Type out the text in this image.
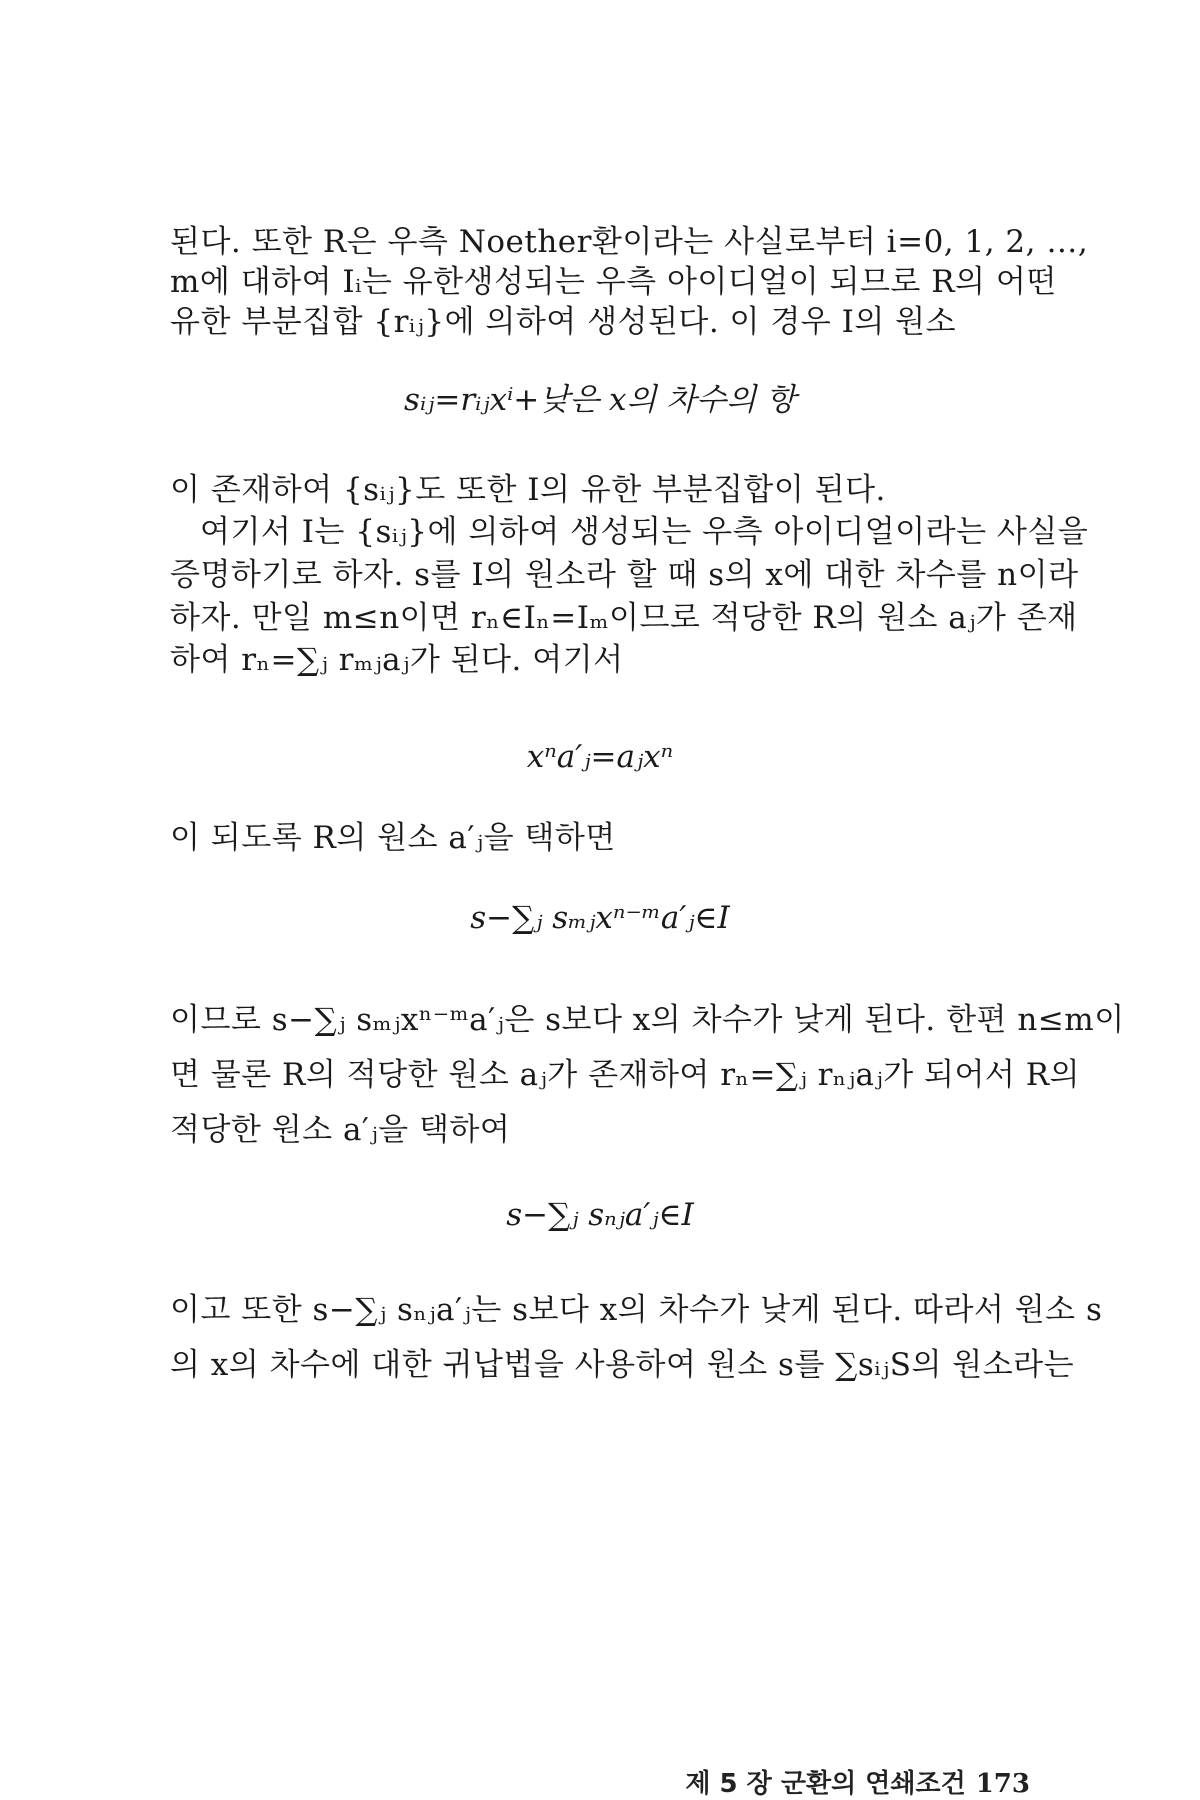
된다. 또한 R은 우측 Noether환이라는 사실로부터 i=0, 1, 2, …,
m에 대하여 Iᵢ는 유한생성되는 우측 아이디얼이 되므로 R의 어떤
유한 부분집합 {rᵢⱼ}에 의하여 생성된다. 이 경우 I의 원소
sᵢⱼ=rᵢⱼxⁱ+낮은 x의 차수의 항
이 존재하여 {sᵢⱼ}도 또한 I의 유한 부분집합이 된다.
여기서 I는 {sᵢⱼ}에 의하여 생성되는 우측 아이디얼이라는 사실을
증명하기로 하자. s를 I의 원소라 할 때 s의 x에 대한 차수를 n이라
하자. 만일 m≤n이면 rₙ∈Iₙ=Iₘ이므로 적당한 R의 원소 aⱼ가 존재
하여 rₙ=∑ⱼ rₘⱼaⱼ가 된다. 여기서
xⁿa′ⱼ=aⱼxⁿ
이 되도록 R의 원소 a′ⱼ을 택하면
s−∑ⱼ sₘⱼxⁿ⁻ᵐa′ⱼ∈I
이므로 s−∑ⱼ sₘⱼxⁿ⁻ᵐa′ⱼ은 s보다 x의 차수가 낮게 된다. 한편 n≤m이
면 물론 R의 적당한 원소 aⱼ가 존재하여 rₙ=∑ⱼ rₙⱼaⱼ가 되어서 R의
적당한 원소 a′ⱼ을 택하여
s−∑ⱼ sₙⱼa′ⱼ∈I
이고 또한 s−∑ⱼ sₙⱼa′ⱼ는 s보다 x의 차수가 낮게 된다. 따라서 원소 s
의 x의 차수에 대한 귀납법을 사용하여 원소 s를 ∑sᵢⱼS의 원소라는
제 5 장 군환의 연쇄조건 173
